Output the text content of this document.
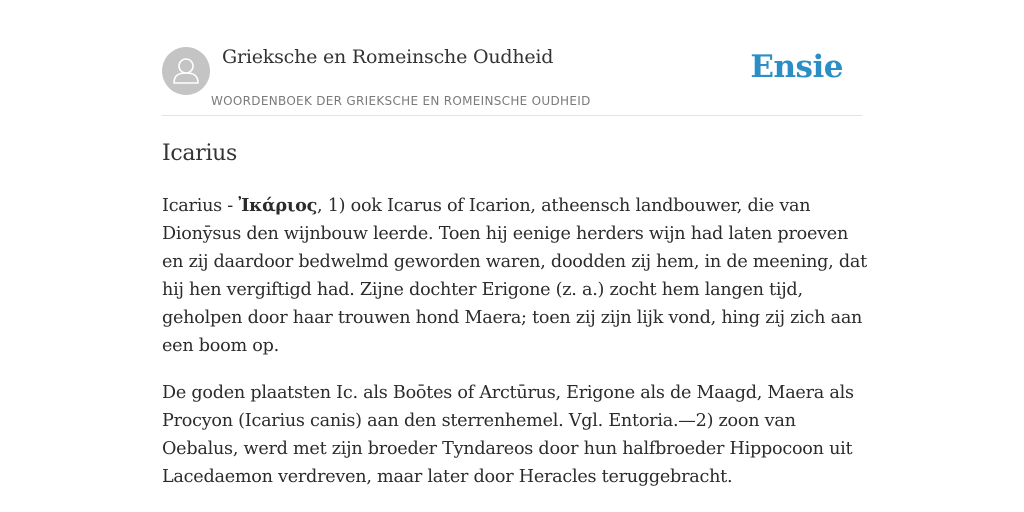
Grieksche en Romeinsche Oudheid
WOORDENBOEK DER GRIEKSCHE EN ROMEINSCHE OUDHEID
Ensie
Icarius

Icarius - Ἰκάριος, 1) ook Icarus of Icarion, atheensch landbouwer, die van Dionȳsus den wijnbouw leerde. Toen hij eenige herders wijn had laten proeven en zij daardoor bedwelmd geworden waren, doodden zij hem, in de meening, dat hij hen vergiftigd had. Zijne dochter Erigone (z. a.) zocht hem langen tijd, geholpen door haar trouwen hond Maera; toen zij zijn lijk vond, hing zij zich aan een boom op.

De goden plaatsten Ic. als Boōtes of Arctūrus, Erigone als de Maagd, Maera als Procyon (Icarius canis) aan den sterrenhemel. Vgl. Entoria.—2) zoon van Oebalus, werd met zijn broeder Tyndareos door hun halfbroeder Hippocoon uit Lacedaemon verdreven, maar later door Heracles teruggebracht.
